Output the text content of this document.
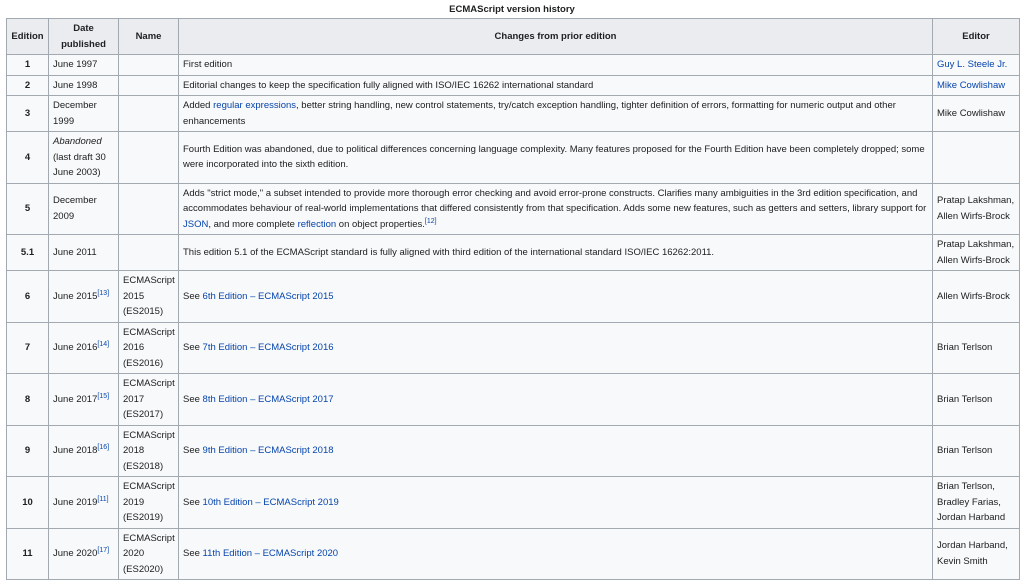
ECMAScript version history
Edition	Date published	Name	Changes from prior edition	Editor
1	June 1997		First edition	Guy L. Steele Jr.
2	June 1998		Editorial changes to keep the specification fully aligned with ISO/IEC 16262 international standard	Mike Cowlishaw
3	December 1999		Added regular expressions, better string handling, new control statements, try/catch exception handling, tighter definition of errors, formatting for numeric output and other enhancements	Mike Cowlishaw
4	Abandoned (last draft 30 June 2003)		Fourth Edition was abandoned, due to political differences concerning language complexity. Many features proposed for the Fourth Edition have been completely dropped; some were incorporated into the sixth edition.	
5	December 2009		Adds "strict mode," a subset intended to provide more thorough error checking and avoid error-prone constructs. Clarifies many ambiguities in the 3rd edition specification, and accommodates behaviour of real-world implementations that differed consistently from that specification. Adds some new features, such as getters and setters, library support for JSON, and more complete reflection on object properties.[12]	Pratap Lakshman, Allen Wirfs-Brock
5.1	June 2011		This edition 5.1 of the ECMAScript standard is fully aligned with third edition of the international standard ISO/IEC 16262:2011.	Pratap Lakshman, Allen Wirfs-Brock
6	June 2015[13]	ECMAScript 2015 (ES2015)	See 6th Edition – ECMAScript 2015	Allen Wirfs-Brock
7	June 2016[14]	ECMAScript 2016 (ES2016)	See 7th Edition – ECMAScript 2016	Brian Terlson
8	June 2017[15]	ECMAScript 2017 (ES2017)	See 8th Edition – ECMAScript 2017	Brian Terlson
9	June 2018[16]	ECMAScript 2018 (ES2018)	See 9th Edition – ECMAScript 2018	Brian Terlson
10	June 2019[11]	ECMAScript 2019 (ES2019)	See 10th Edition – ECMAScript 2019	Brian Terlson, Bradley Farias, Jordan Harband
11	June 2020[17]	ECMAScript 2020 (ES2020)	See 11th Edition – ECMAScript 2020	Jordan Harband, Kevin Smith
